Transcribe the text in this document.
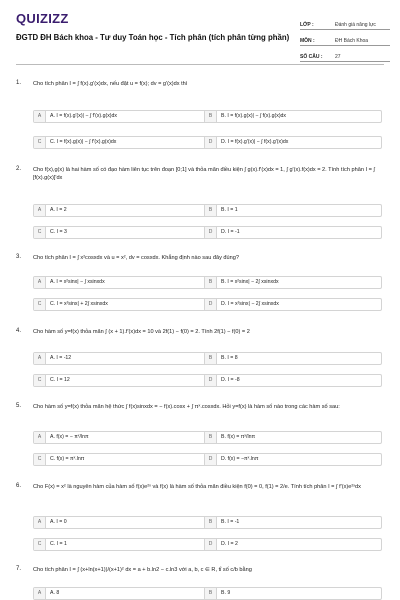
QUIZIZZ
ĐGTD ĐH Bách khoa - Tư duy Toán học - Tích phân (tích phân từng phần)
LỚP :	Đánh giá năng lực
MÔN :	ĐH Bách Khoa
SỐ CÂU :	27
1. Cho tích phân I = ∫ f(x).g'(x)dx, nếu đặt u = f(x); dv = g'(x)dx thì
A	A. I = f(x).g'(x)| − ∫ f'(x).g(x)dx	B	B. I = f(x).g(x)| − ∫ f(x).g(x)dx
C	C. I = f(x).g(x)| − ∫ f'(x).g(x)dx	D	D. I = f(x).g'(x)| − ∫ f(x).g'(x)dx
2. Cho f(x),g(x) là hai hàm số có đạo hàm liên tục trên đoạn [0;1] và thỏa mãn điều kiện ∫ g(x).f'(x)dx = 1, ∫ g'(x).f(x)dx = 2. Tính tích phân I = ∫ [f(x).g(x)]'dx
A	A. I = 2	B	B. I = 1
C	C. I = 3	D	D. I = -1
3. Cho tích phân I = ∫ x²cosxdx và u = x², dv = cosxdx. Khẳng định nào sau đây đúng?
A	A. I = x²sinx| − ∫ xsinxdx	B	B. I = x²sinx| − 2∫ xsinxdx
C	C. I = x²sinx| + 2∫ xsinxdx	D	D. I = x²sinx| − 2∫ xsinxdx
4. Cho hàm số y=f(x) thỏa mãn ∫ (x + 1).f'(x)dx = 10 và 2f(1) − f(0) = 2. Tính 2f(1) − f(0) = 2
A	A. I = -12	B	B. I = 8
C	C. I = 12	D	D. I = -8
5. Cho hàm số y=f(x) thỏa mãn hệ thức ∫ f(x)sinxdx = − f(x).cosx + ∫ πˣ.cosxdx. Hỏi y=f(x) là hàm số nào trong các hàm số sau:
A	A. f(x) = − πˣ/lnπ	B	B. f(x) = πˣ/lnπ
C	C. f(x) = πˣ.lnπ	D	D. f(x) = −πˣ.lnπ
6. Cho F(x) = x² là nguyên hàm của hàm số f(x)e²ˣ và f(x) là hàm số thỏa mãn điều kiện f(0) = 0, f(1) = 2/e. Tính tích phân I = ∫ f'(x)e²ˣdx
A	A. I = 0	B	B. I = -1
C	C. I = 1	D	D. I = 2
7. Cho tích phân I = ∫ (x+ln(x+1))/(x+1)² dx = a + b.ln2 − c.ln3 với a, b, c ∈ R, tỉ số c/b bằng
A	A. 8	B	B. 9
